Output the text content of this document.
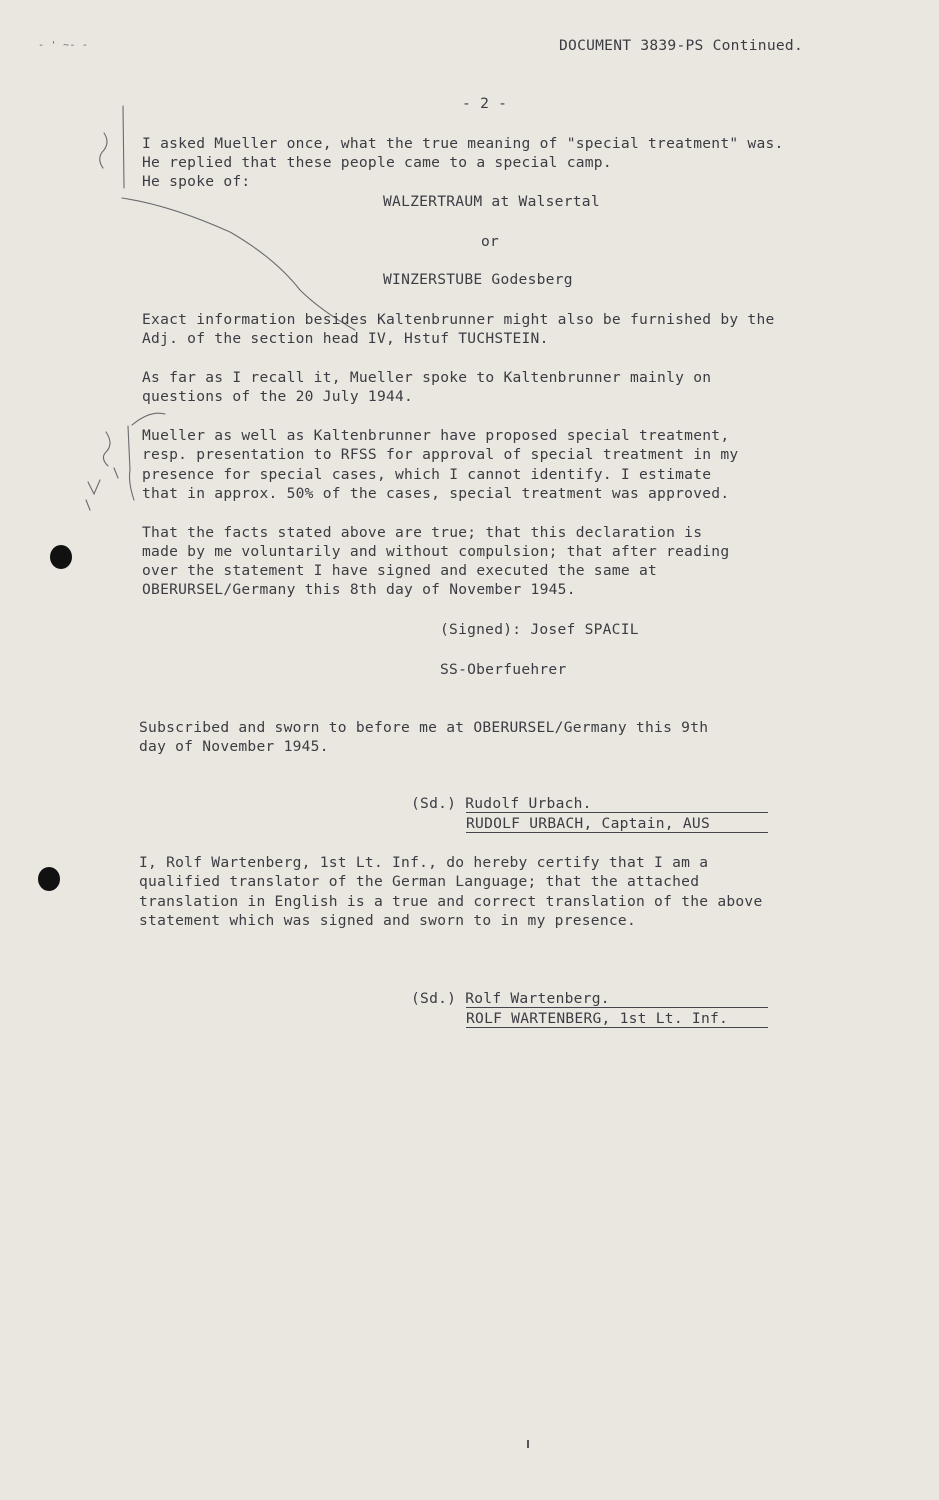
- ' ~- -	DOCUMENT 3839-PS Continued.
- 2 -
I asked Mueller once, what the true meaning of "special treatment" was.
He replied that these people came to a special camp.
He spoke of:
WALZERTRAUM at Walsertal
or
WINZERSTUBE Godesberg
Exact information besides Kaltenbrunner might also be furnished by the
Adj. of the section head IV, Hstuf TUCHSTEIN.
As far as I recall it, Mueller spoke to Kaltenbrunner mainly on
questions of the 20 July 1944.
Mueller as well as Kaltenbrunner have proposed special treatment,
resp. presentation to RFSS for approval of special treatment in my
presence for special cases, which I cannot identify. I estimate
that in approx. 50% of the cases, special treatment was approved.
That the facts stated above are true; that this declaration is
made by me voluntarily and without compulsion; that after reading
over the statement I have signed and executed the same at
OBERURSEL/Germany this 8th day of November 1945.
(Signed): Josef SPACIL
SS-Oberfuehrer
Subscribed and sworn to before me at OBERURSEL/Germany this 9th
day of November 1945.
(Sd.) Rudolf Urbach.
RUDOLF URBACH, Captain, AUS
I, Rolf Wartenberg, 1st Lt. Inf., do hereby certify that I am a
qualified translator of the German Language; that the attached
translation in English is a true and correct translation of the above
statement which was signed and sworn to in my presence.
(Sd.) Rolf Wartenberg.
ROLF WARTENBERG, 1st Lt. Inf.
